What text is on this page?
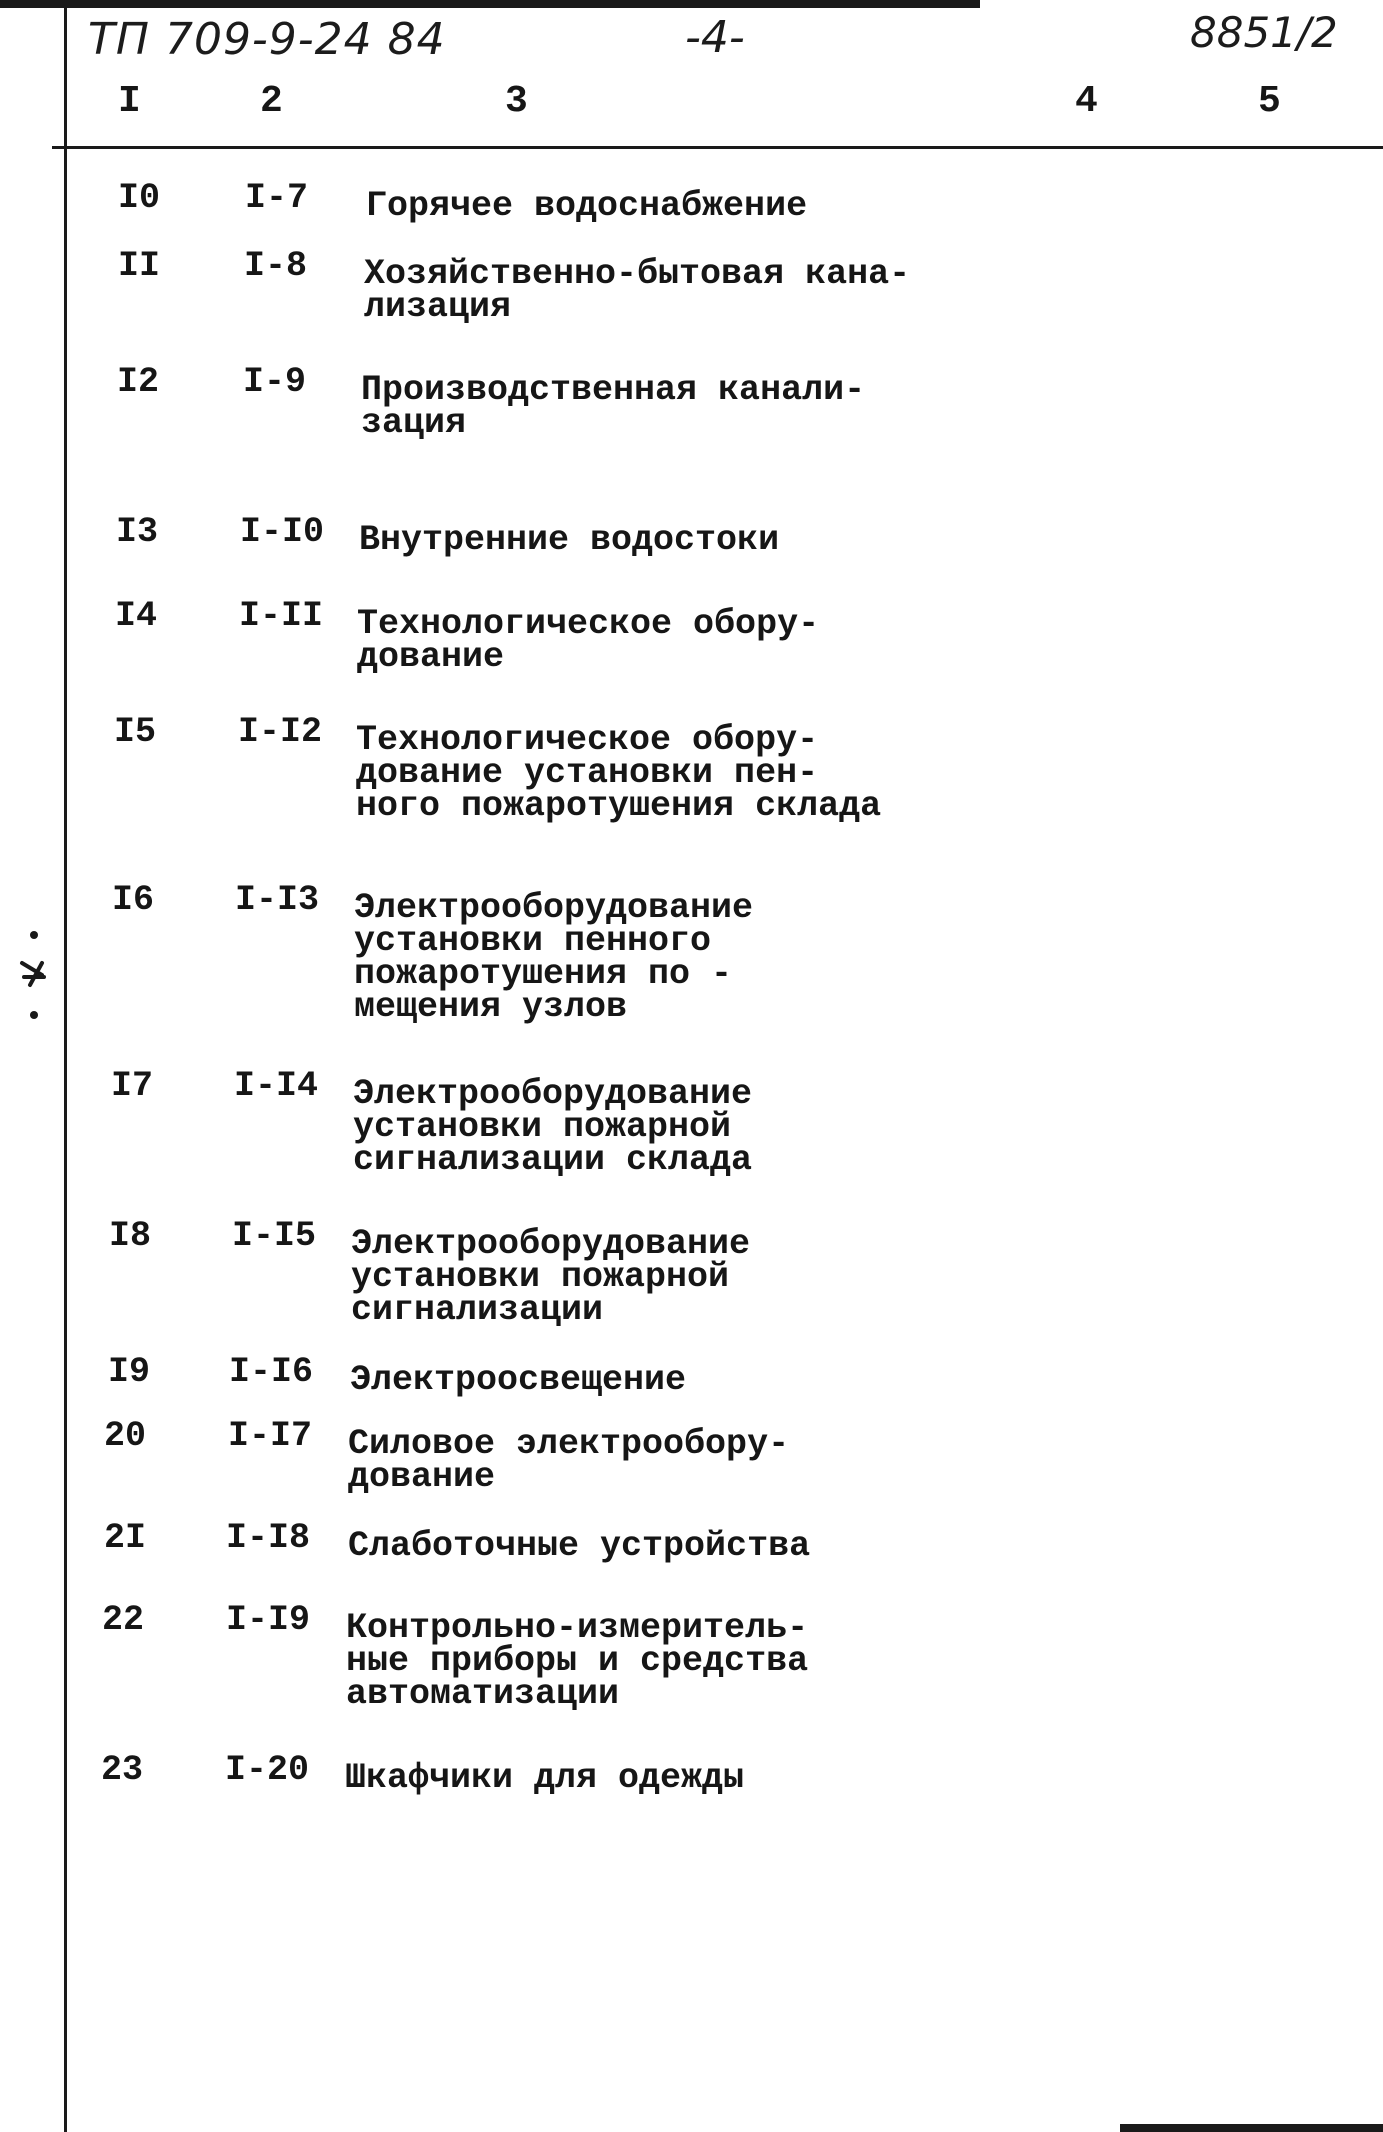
ТП 709-9-24 84	-4-	8851/2
I	2	3	4	5
I0 I-7 Горячее водоснабжение
II I-8 Хозяйственно-бытовая кана-
лизация
I2 I-9 Производственная канали-
зация
I3 I-I0 Внутренние водостоки
I4 I-II Технологическое обору-
дование
I5 I-I2 Технологическое обору-
дование установки пен-
ного пожаротушения склада
I6 I-I3 Электрооборудование
установки пенного
пожаротушения по -
мещения узлов
I7 I-I4 Электрооборудование
установки пожарной
сигнализации склада
I8 I-I5 Электрооборудование
установки пожарной
сигнализации
I9 I-I6 Электроосвещение
20 I-I7 Силовое электрообору-
дование
2I I-I8 Слаботочные устройства
22 I-I9 Контрольно-измеритель-
ные приборы и средства
автоматизации
23 I-20 Шкафчики для одежды
